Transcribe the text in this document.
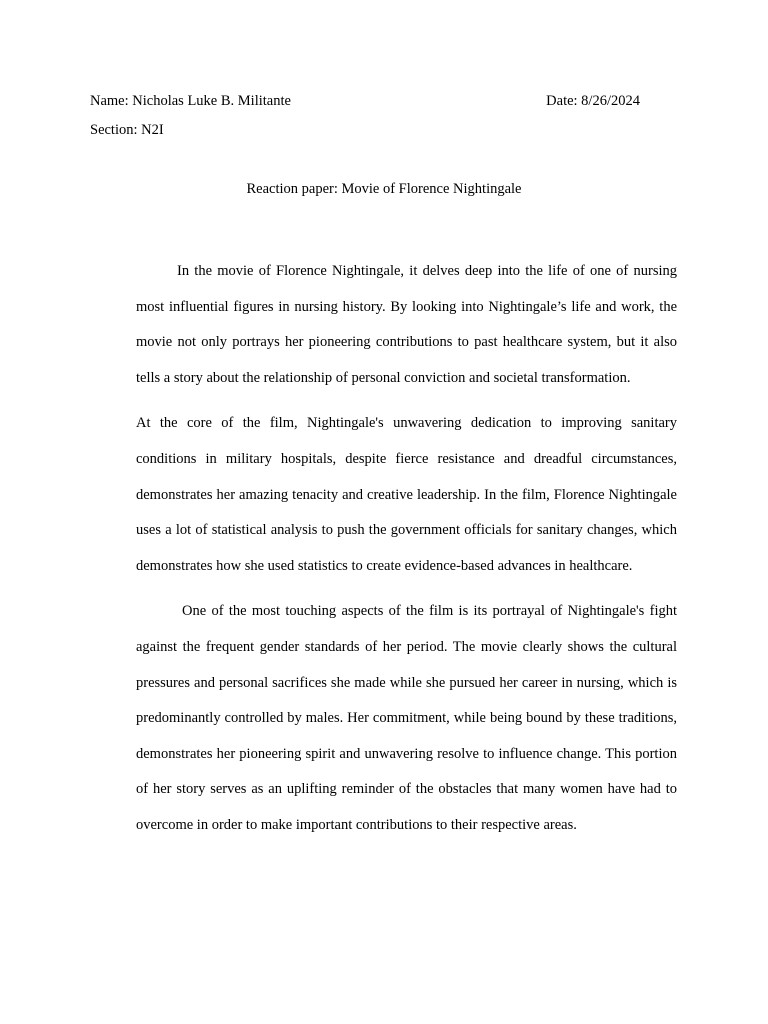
Name: Nicholas Luke B. Militante	Date: 8/26/2024
Section: N2I
Reaction paper: Movie of Florence Nightingale

In the movie of Florence Nightingale, it delves deep into the life of one of nursing most influential figures in nursing history. By looking into Nightingale’s life and work, the movie not only portrays her pioneering contributions to past healthcare system, but it also tells a story about the relationship of personal conviction and societal transformation.

At the core of the film, Nightingale's unwavering dedication to improving sanitary conditions in military hospitals, despite fierce resistance and dreadful circumstances, demonstrates her amazing tenacity and creative leadership. In the film, Florence Nightingale uses a lot of statistical analysis to push the government officials for sanitary changes, which demonstrates how she used statistics to create evidence-based advances in healthcare.

One of the most touching aspects of the film is its portrayal of Nightingale's fight against the frequent gender standards of her period. The movie clearly shows the cultural pressures and personal sacrifices she made while she pursued her career in nursing, which is predominantly controlled by males. Her commitment, while being bound by these traditions, demonstrates her pioneering spirit and unwavering resolve to influence change. This portion of her story serves as an uplifting reminder of the obstacles that many women have had to overcome in order to make important contributions to their respective areas.
